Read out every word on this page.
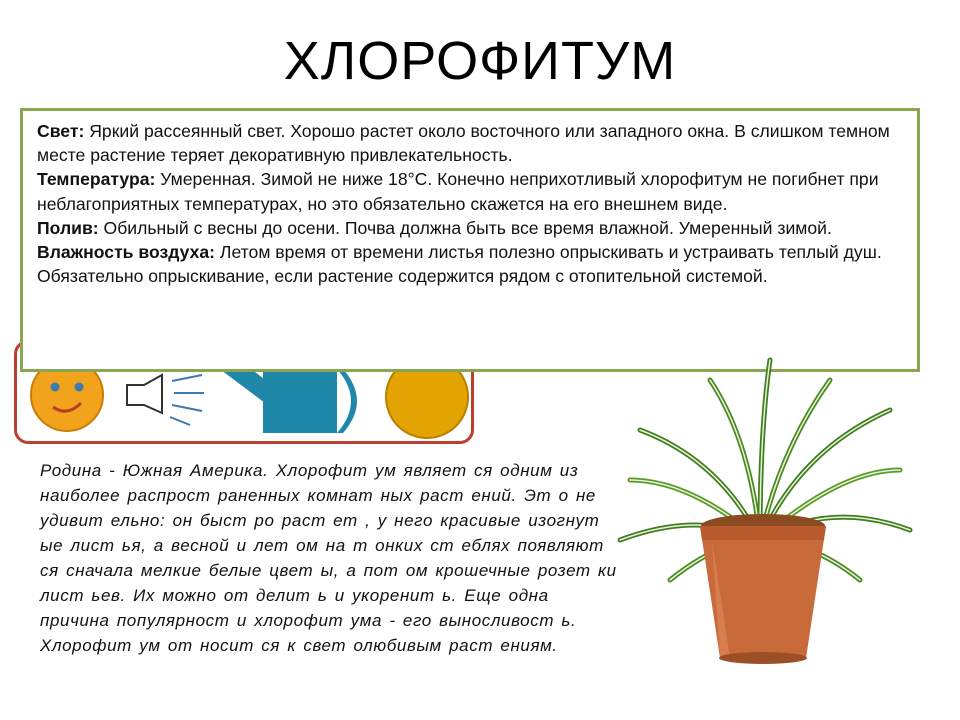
ХЛОРОФИТУМ

Свет: Яркий рассеянный свет. Хорошо растет около восточного или западного окна. В слишком темном месте растение теряет декоративную привлекательность.

Температура: Умеренная. Зимой не ниже 18°С. Конечно неприхотливый хлорофитум не погибнет при неблагоприятных температурах, но это обязательно скажется на его внешнем виде.

Полив: Обильный с весны до осени. Почва должна быть все время влажной. Умеренный зимой.

Влажность воздуха: Летом время от времени листья полезно опрыскивать и устраивать теплый душ. Обязательно опрыскивание, если растение содержится рядом с отопительной системой.

Родина - Южная Америка. Хлорофит ум являет ся одним из наиболее распрост раненных комнат ных раст ений. Эт о не удивит ельно: он быст ро раст ет , у него красивые изогнут ые лист ья, а весной и лет ом на т онких ст еблях появляют ся сначала мелкие белые цвет ы, а пот ом крошечные розет ки лист ьев. Их можно от делит ь и укоренит ь. Еще одна причина популярност и хлорофит ума - его выносливост ь. Хлорофит ум от носит ся к свет олюбивым раст ениям.
